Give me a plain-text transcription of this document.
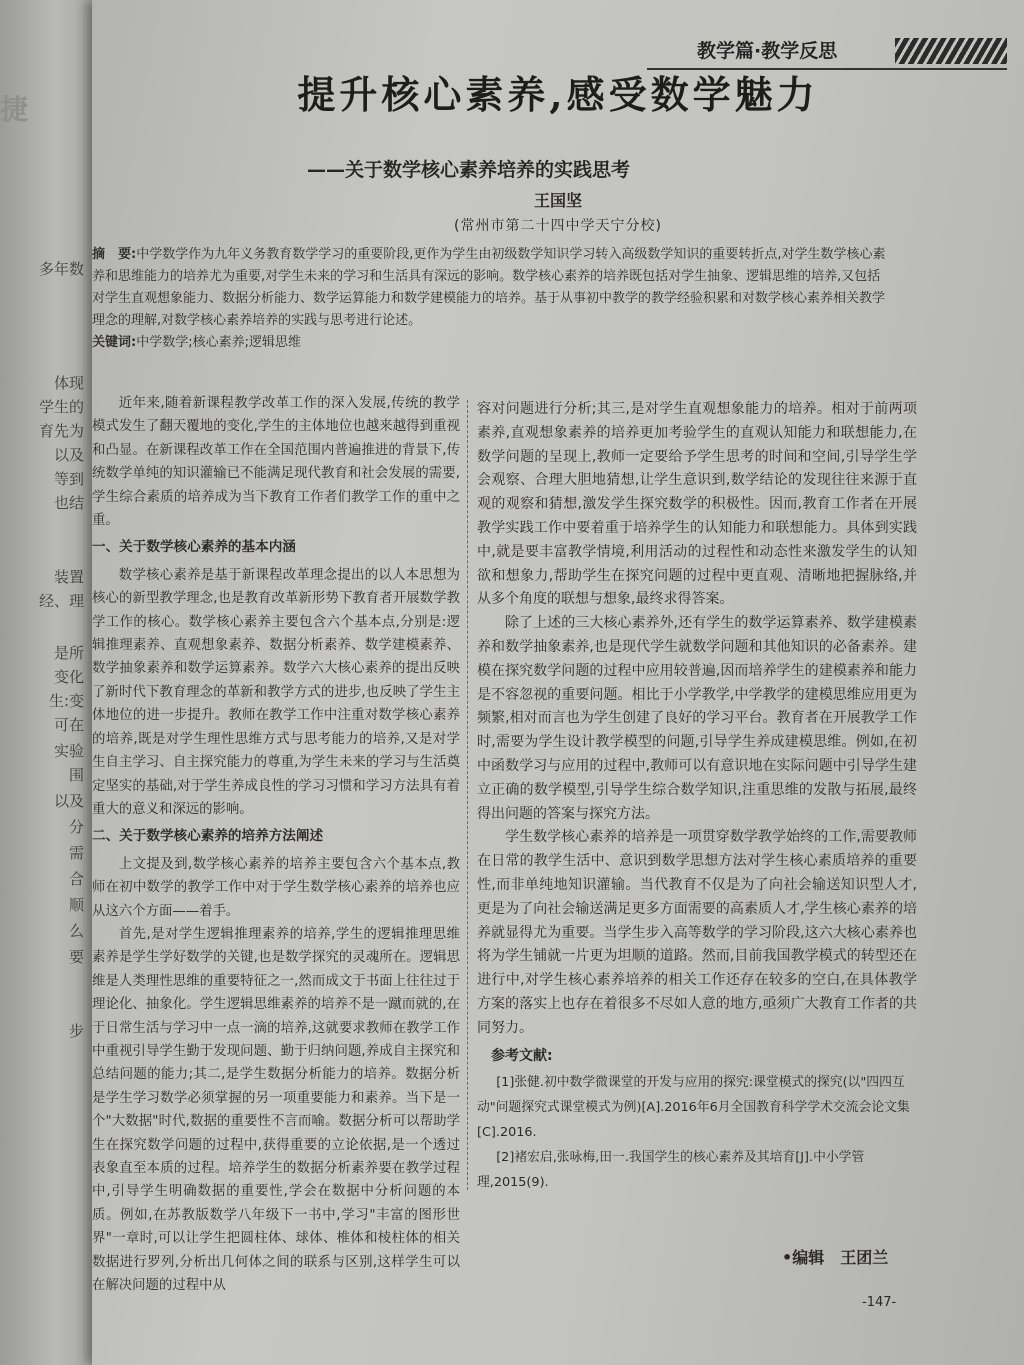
捷
多年数
体现
学生的
育先为
以及
等到
也结
装置
经、理
是所
变化
生:变
可在
实验
围
以及
分
需
合
顺
么
要
步
教学篇·教学反思
提升核心素养,感受数学魅力
——关于数学核心素养培养的实践思考
王国坚
(常州市第二十四中学天宁分校)

摘　要:中学数学作为九年义务教育数学学习的重要阶段,更作为学生由初级数学知识学习转入高级数学知识的重要转折点,对学生数学核心素养和思维能力的培养尤为重要,对学生未来的学习和生活具有深远的影响。数学核心素养的培养既包括对学生抽象、逻辑思维的培养,又包括对学生直观想象能力、数据分析能力、数学运算能力和数学建模能力的培养。基于从事初中教学的教学经验积累和对数学核心素养相关教学理念的理解,对数学核心素养培养的实践与思考进行论述。

关键词:中学数学;核心素养;逻辑思维

近年来,随着新课程教学改革工作的深入发展,传统的教学模式发生了翻天覆地的变化,学生的主体地位也越来越得到重视和凸显。在新课程改革工作在全国范围内普遍推进的背景下,传统数学单纯的知识灌输已不能满足现代教育和社会发展的需要,学生综合素质的培养成为当下教育工作者们教学工作的重中之重。

一、关于数学核心素养的基本内涵

数学核心素养是基于新课程改革理念提出的以人本思想为核心的新型教学理念,也是教育改革新形势下教育者开展数学教学工作的核心。数学核心素养主要包含六个基本点,分别是:逻辑推理素养、直观想象素养、数据分析素养、数学建模素养、数学抽象素养和数学运算素养。数学六大核心素养的提出反映了新时代下教育理念的革新和教学方式的进步,也反映了学生主体地位的进一步提升。教师在教学工作中注重对数学核心素养的培养,既是对学生理性思维方式与思考能力的培养,又是对学生自主学习、自主探究能力的尊重,为学生未来的学习与生活奠定坚实的基础,对于学生养成良性的学习习惯和学习方法具有着重大的意义和深远的影响。

二、关于数学核心素养的培养方法阐述

上文提及到,数学核心素养的培养主要包含六个基本点,教师在初中数学的教学工作中对于学生数学核心素养的培养也应从这六个方面——着手。

首先,是对学生逻辑推理素养的培养,学生的逻辑推理思维素养是学生学好数学的关键,也是数学探究的灵魂所在。逻辑思维是人类理性思维的重要特征之一,然而成文于书面上往往过于理论化、抽象化。学生逻辑思维素养的培养不是一蹴而就的,在于日常生活与学习中一点一滴的培养,这就要求教师在教学工作中重视引导学生勤于发现问题、勤于归纳问题,养成自主探究和总结问题的能力;其二,是学生数据分析能力的培养。数据分析是学生学习数学必须掌握的另一项重要能力和素养。当下是一个"大数据"时代,数据的重要性不言而喻。数据分析可以帮助学生在探究数学问题的过程中,获得重要的立论依据,是一个透过表象直至本质的过程。培养学生的数据分析素养要在教学过程中,引导学生明确数据的重要性,学会在数据中分析问题的本质。例如,在苏教版数学八年级下一书中,学习"丰富的图形世界"一章时,可以让学生把圆柱体、球体、椎体和棱柱体的相关数据进行罗列,分析出几何体之间的联系与区别,这样学生可以在解决问题的过程中从

容对问题进行分析;其三,是对学生直观想象能力的培养。相对于前两项素养,直观想象素养的培养更加考验学生的直观认知能力和联想能力,在数学问题的呈现上,教师一定要给予学生思考的时间和空间,引导学生学会观察、合理大胆地猜想,让学生意识到,数学结论的发现往往来源于直观的观察和猜想,激发学生探究数学的积极性。因而,教育工作者在开展教学实践工作中要着重于培养学生的认知能力和联想能力。具体到实践中,就是要丰富教学情境,利用活动的过程性和动态性来激发学生的认知欲和想象力,帮助学生在探究问题的过程中更直观、清晰地把握脉络,并从多个角度的联想与想象,最终求得答案。

除了上述的三大核心素养外,还有学生的数学运算素养、数学建模素养和数学抽象素养,也是现代学生就数学问题和其他知识的必备素养。建模在探究数学问题的过程中应用较普遍,因而培养学生的建模素养和能力是不容忽视的重要问题。相比于小学教学,中学教学的建模思维应用更为频繁,相对而言也为学生创建了良好的学习平台。教育者在开展教学工作时,需要为学生设计教学模型的问题,引导学生养成建模思维。例如,在初中函数学习与应用的过程中,教师可以有意识地在实际问题中引导学生建立正确的数学模型,引导学生综合数学知识,注重思维的发散与拓展,最终得出问题的答案与探究方法。

学生数学核心素养的培养是一项贯穿数学教学始终的工作,需要教师在日常的教学生活中、意识到数学思想方法对学生核心素质培养的重要性,而非单纯地知识灌输。当代教育不仅是为了向社会输送知识型人才,更是为了向社会输送满足更多方面需要的高素质人才,学生核心素养的培养就显得尤为重要。当学生步入高等数学的学习阶段,这六大核心素养也将为学生铺就一片更为坦顺的道路。然而,目前我国教学模式的转型还在进行中,对学生核心素养培养的相关工作还存在较多的空白,在具体教学方案的落实上也存在着很多不尽如人意的地方,亟须广大教育工作者的共同努力。

参考文献:

[1]张健.初中数学微课堂的开发与应用的探究:课堂模式的探究(以"四四互动"问题探究式课堂模式为例)[A].2016年6月全国教育科学学术交流会论文集[C].2016.

[2]褚宏启,张咏梅,田一.我国学生的核心素养及其培育[J].中小学管理,2015(9).

•编辑　王团兰
-147-
